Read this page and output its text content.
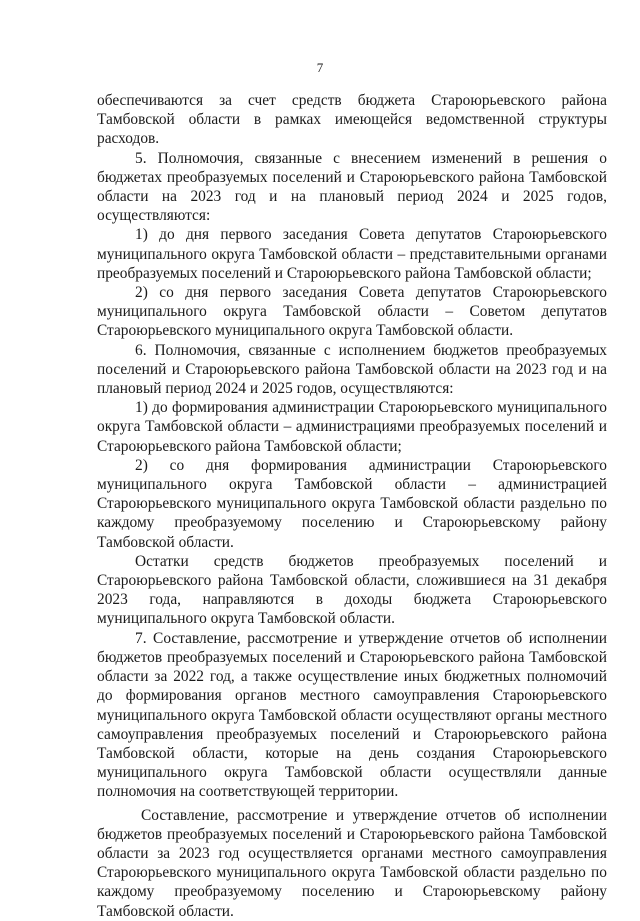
7

обеспечиваются за счет средств бюджета Староюрьевского района Тамбовской области в рамках имеющейся ведомственной структуры расходов.

5. Полномочия, связанные с внесением изменений в решения о бюджетах преобразуемых поселений и Староюрьевского района Тамбовской области на 2023 год и на плановый период 2024 и 2025 годов, осуществляются:

1) до дня первого заседания Совета депутатов Староюрьевского муниципального округа Тамбовской области – представительными органами преобразуемых поселений и Староюрьевского района Тамбовской области;

2) со дня первого заседания Совета депутатов Староюрьевского муниципального округа Тамбовской области – Советом депутатов Староюрьевского муниципального округа Тамбовской области.

6. Полномочия, связанные с исполнением бюджетов преобразуемых поселений и Староюрьевского района Тамбовской области на 2023 год и на плановый период 2024 и 2025 годов, осуществляются:

1) до формирования администрации Староюрьевского муниципального округа Тамбовской области – администрациями преобразуемых поселений и Староюрьевского района Тамбовской области;

2) со дня формирования администрации Староюрьевского муниципального округа Тамбовской области – администрацией Староюрьевского муниципального округа Тамбовской области раздельно по каждому преобразуемому поселению и Староюрьевскому району Тамбовской области.

Остатки средств бюджетов преобразуемых поселений и Староюрьевского района Тамбовской области, сложившиеся на 31 декабря 2023 года, направляются в доходы бюджета Староюрьевского муниципального округа Тамбовской области.

7. Составление, рассмотрение и утверждение отчетов об исполнении бюджетов преобразуемых поселений и Староюрьевского района Тамбовской области за 2022 год, а также осуществление иных бюджетных полномочий до формирования органов местного самоуправления Староюрьевского муниципального округа Тамбовской области осуществляют органы местного самоуправления преобразуемых поселений и Староюрьевского района Тамбовской области, которые на день создания Староюрьевского муниципального округа Тамбовской области осуществляли данные полномочия на соответствующей территории.

Составление, рассмотрение и утверждение отчетов об исполнении бюджетов преобразуемых поселений и Староюрьевского района Тамбовской области за 2023 год осуществляется органами местного самоуправления Староюрьевского муниципального округа Тамбовской области раздельно по каждому преобразуемому поселению и Староюрьевскому району Тамбовской области.
